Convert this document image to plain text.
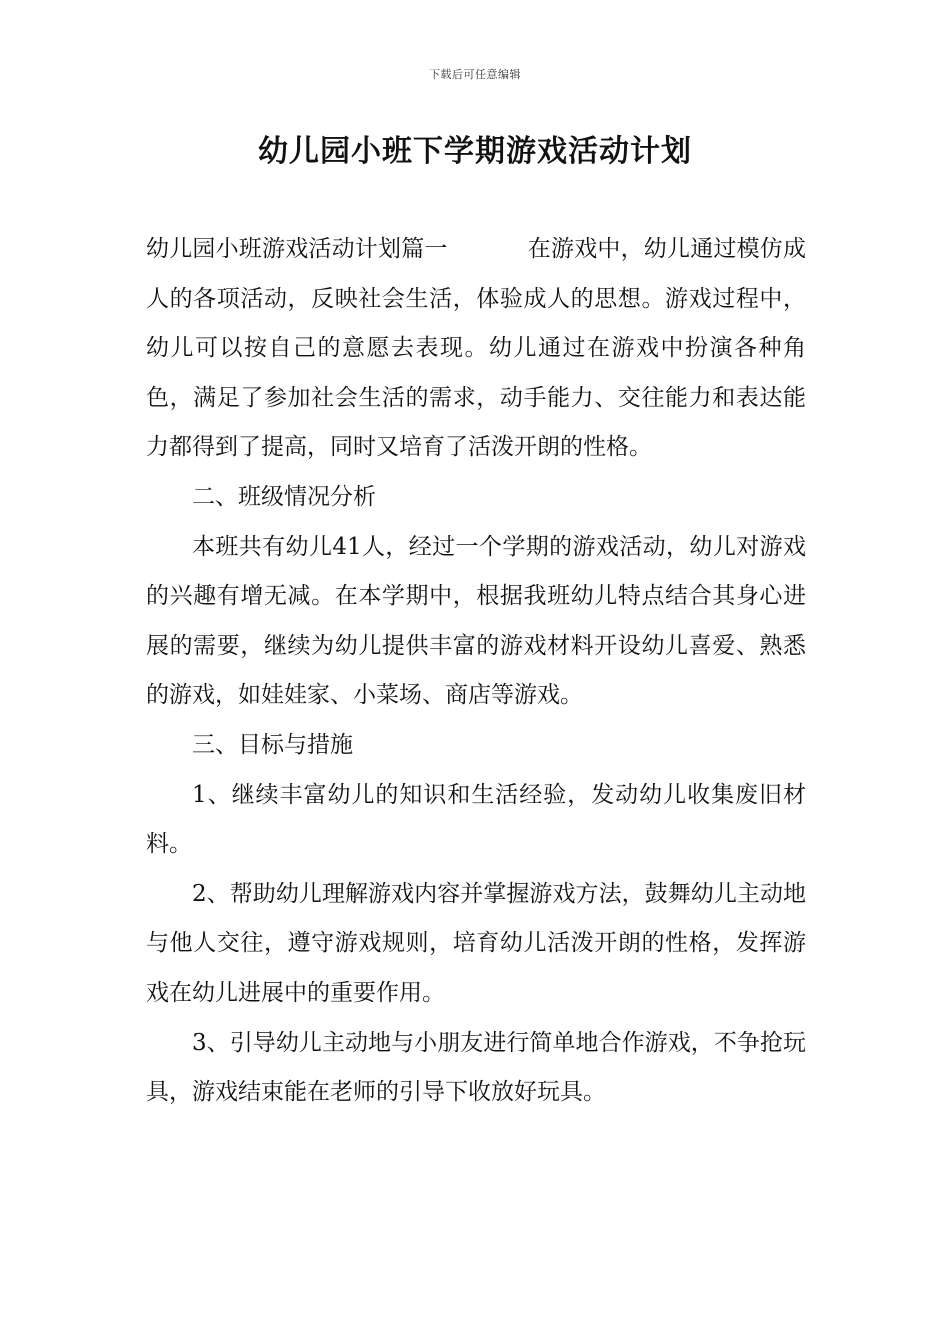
下载后可任意编辑
幼儿园小班下学期游戏活动计划

幼儿园小班游戏活动计划篇一	在游戏中，幼儿通过模仿成人的各项活动，反映社会生活，体验成人的思想。游戏过程中，幼儿可以按自己的意愿去表现。幼儿通过在游戏中扮演各种角色，满足了参加社会生活的需求，动手能力、交往能力和表达能力都得到了提高，同时又培育了活泼开朗的性格。

二、班级情况分析

本班共有幼儿41人，经过一个学期的游戏活动，幼儿对游戏的兴趣有增无减。在本学期中，根据我班幼儿特点结合其身心进展的需要，继续为幼儿提供丰富的游戏材料开设幼儿喜爱、熟悉的游戏，如娃娃家、小菜场、商店等游戏。

三、目标与措施

1、继续丰富幼儿的知识和生活经验，发动幼儿收集废旧材料。

2、帮助幼儿理解游戏内容并掌握游戏方法，鼓舞幼儿主动地与他人交往，遵守游戏规则，培育幼儿活泼开朗的性格，发挥游戏在幼儿进展中的重要作用。

3、引导幼儿主动地与小朋友进行简单地合作游戏，不争抢玩具，游戏结束能在老师的引导下收放好玩具。
